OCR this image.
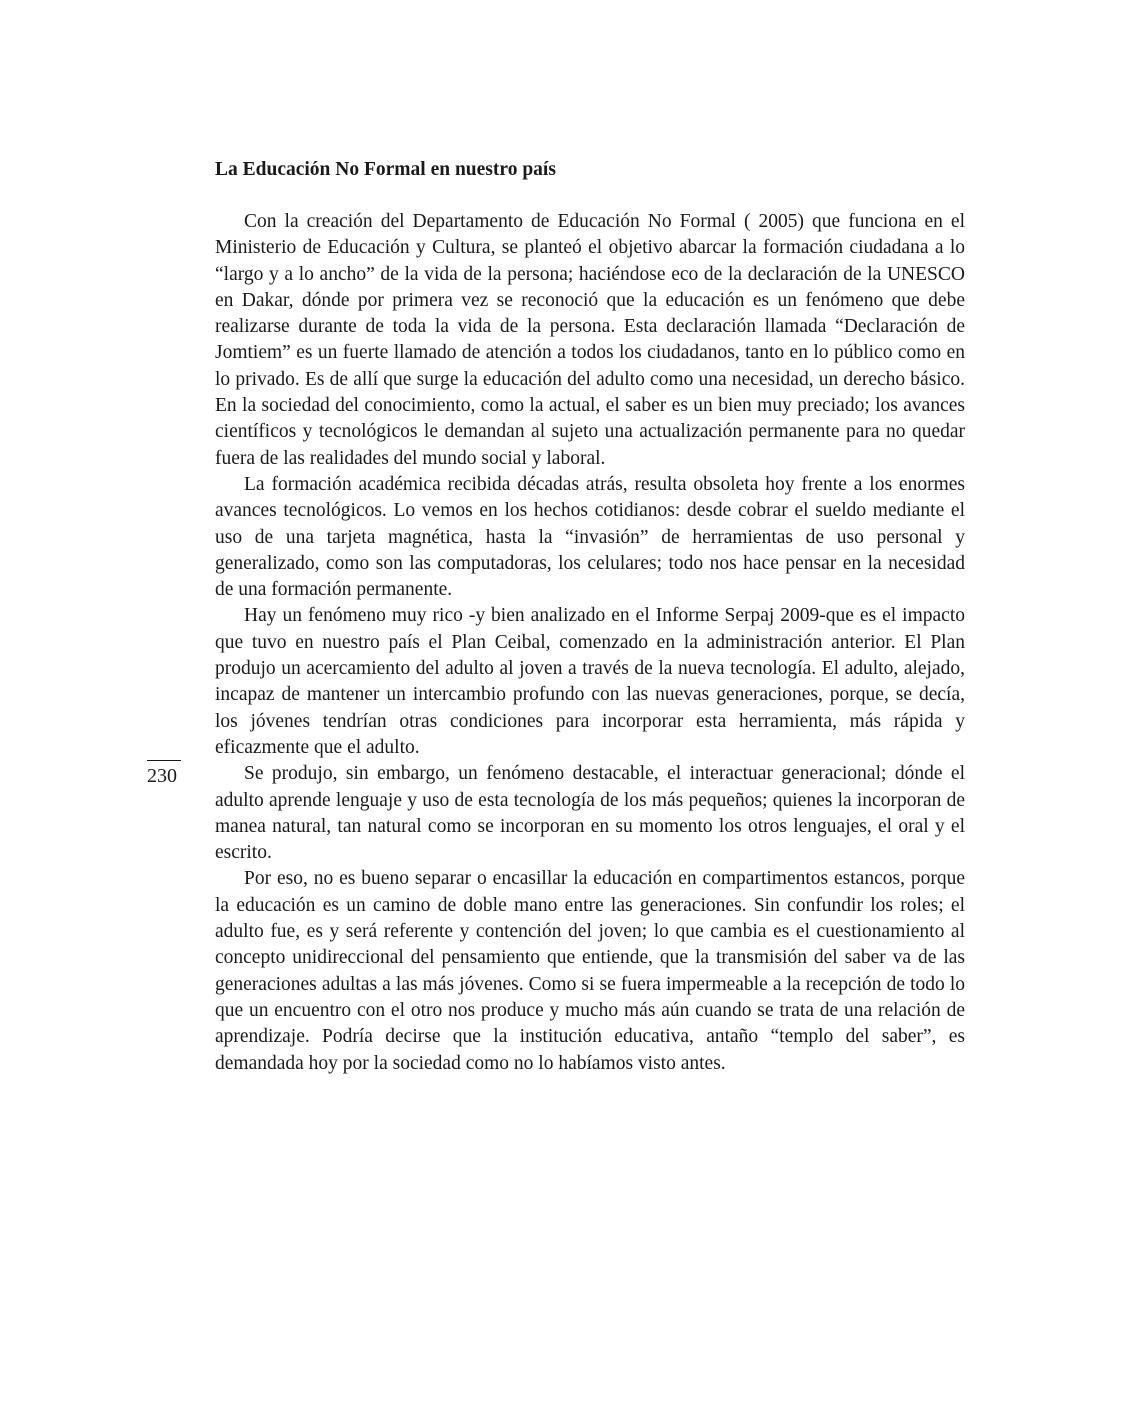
La Educación No Formal en nuestro país

Con la creación del Departamento de Educación No Formal ( 2005) que funciona en el Ministerio de Educación y Cultura, se planteó el objetivo abarcar la formación ciudadana a lo “largo y a lo ancho” de la vida de la persona; haciéndose eco de la declaración de la UNESCO en Dakar, dónde por primera vez se reconoció que la educación es un fenómeno que debe realizarse durante de toda la vida de la persona. Esta declaración llamada “Declaración de Jomtiem” es un fuerte llamado de atención a todos los ciudadanos, tanto en lo público como en lo privado. Es de allí que surge la educación del adulto como una necesidad, un derecho básico. En la sociedad del conocimiento, como la actual, el saber es un bien muy preciado; los avances científicos y tecnológicos le demandan al sujeto una actualización permanente para no quedar fuera de las realidades del mundo social y laboral.

La formación académica recibida décadas atrás, resulta obsoleta hoy frente a los enormes avances tecnológicos. Lo vemos en los hechos cotidianos: desde cobrar el sueldo mediante el uso de una tarjeta magnética, hasta la “invasión” de herramientas de uso personal y generalizado, como son las computadoras, los celulares; todo nos hace pensar en la necesidad de una formación permanente.

Hay un fenómeno muy rico -y bien analizado en el Informe Serpaj 2009-que es el impacto que tuvo en nuestro país el Plan Ceibal, comenzado en la administración anterior. El Plan produjo un acercamiento del adulto al joven a través de la nueva tecnología. El adulto, alejado, incapaz de mantener un intercambio profundo con las nuevas generaciones, porque, se decía, los jóvenes tendrían otras condiciones para incorporar esta herramienta, más rápida y eficazmente que el adulto.

Se produjo, sin embargo, un fenómeno destacable, el interactuar generacional; dónde el adulto aprende lenguaje y uso de esta tecnología de los más pequeños; quienes la incorporan de manea natural, tan natural como se incorporan en su momento los otros lenguajes, el oral y el escrito.

Por eso, no es bueno separar o encasillar la educación en compartimentos estancos, porque la educación es un camino de doble mano entre las generaciones. Sin confundir los roles; el adulto fue, es y será referente y contención del joven; lo que cambia es el cuestionamiento al concepto unidireccional del pensamiento que entiende, que la transmisión del saber va de las generaciones adultas a las más jóvenes. Como si se fuera impermeable a la recepción de todo lo que un encuentro con el otro nos produce y mucho más aún cuando se trata de una relación de aprendizaje. Podría decirse que la institución educativa, antaño “templo del saber”, es demandada hoy por la sociedad como no lo habíamos visto antes.

230
